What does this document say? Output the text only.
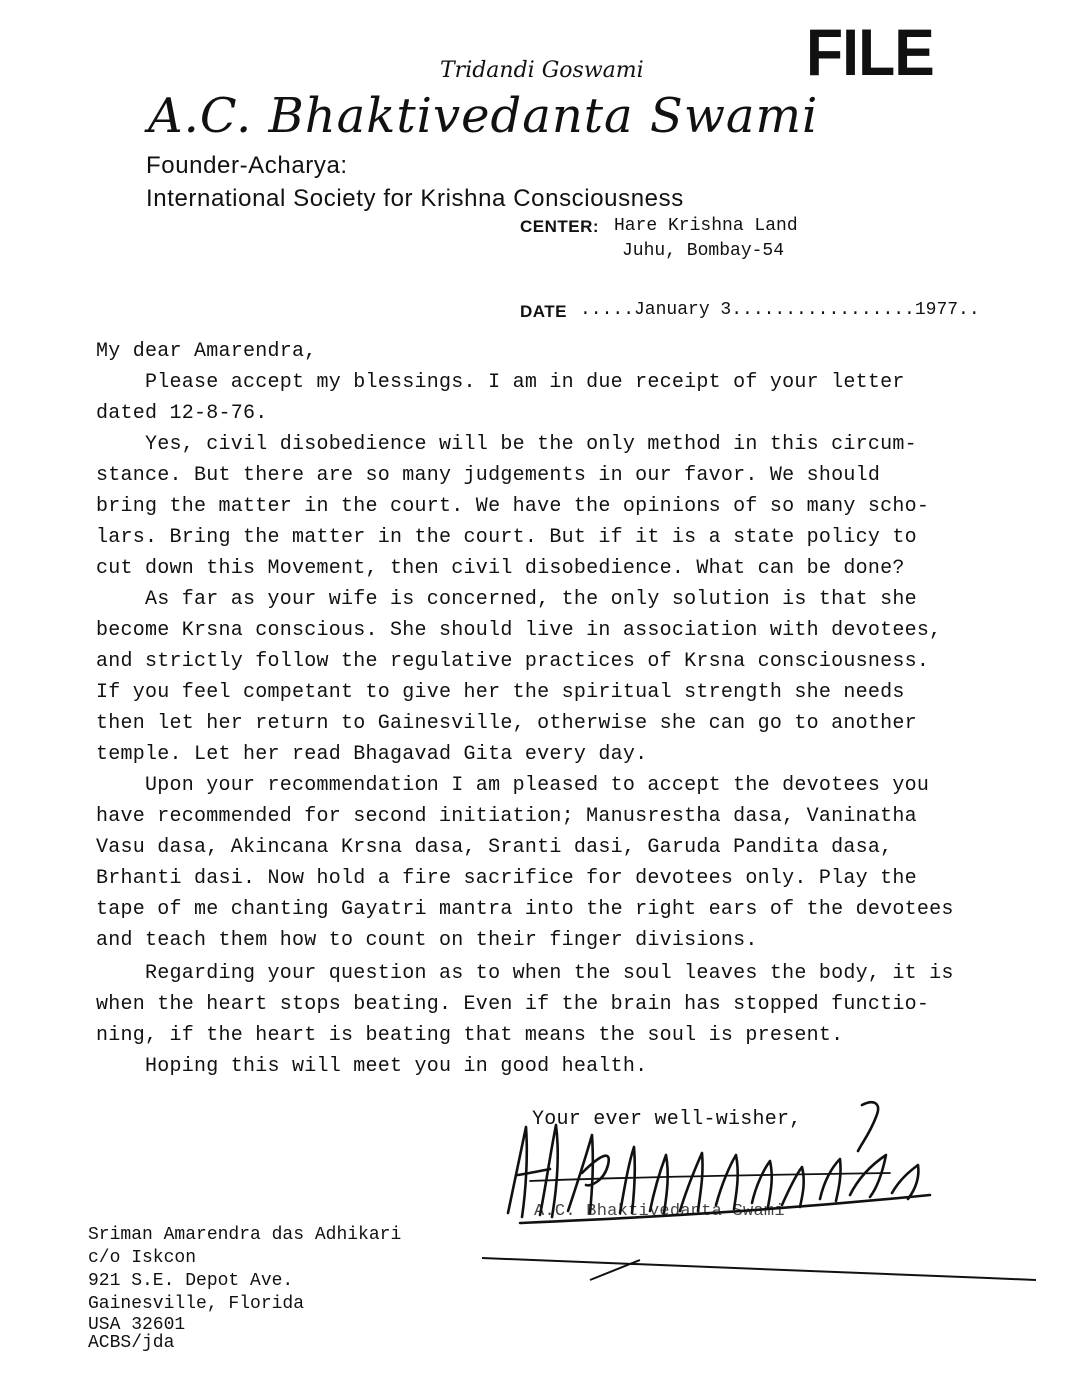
FILE
Tridandi Goswami
A.C. Bhaktivedanta Swami
Founder-Acharya:
International Society for Krishna Consciousness
CENTER: Hare Krishna Land
Juhu, Bombay-54
DATE .....January 3.................1977..
My dear Amarendra,
Please accept my blessings. I am in due receipt of your letter
dated 12-8-76.
Yes, civil disobedience will be the only method in this circum-
stance. But there are so many judgements in our favor. We should
bring the matter in the court. We have the opinions of so many scho-
lars. Bring the matter in the court. But if it is a state policy to
cut down this Movement, then civil disobedience. What can be done?
As far as your wife is concerned, the only solution is that she
become Krsna conscious. She should live in association with devotees,
and strictly follow the regulative practices of Krsna consciousness.
If you feel competant to give her the spiritual strength she needs
then let her return to Gainesville, otherwise she can go to another
temple. Let her read Bhagavad Gita every day.
Upon your recommendation I am pleased to accept the devotees you
have recommended for second initiation; Manusrestha dasa, Vaninatha
Vasu dasa, Akincana Krsna dasa, Sranti dasi, Garuda Pandita dasa,
Brhanti dasi. Now hold a fire sacrifice for devotees only. Play the
tape of me chanting Gayatri mantra into the right ears of the devotees
and teach them how to count on their finger divisions.
Regarding your question as to when the soul leaves the body, it is
when the heart stops beating. Even if the brain has stopped functio-
ning, if the heart is beating that means the soul is present.
Hoping this will meet you in good health.
Your ever well-wisher,
A.C. Bhaktivedanta Swami
Sriman Amarendra das Adhikari
c/o Iskcon
921 S.E. Depot Ave.
Gainesville, Florida
USA 32601
ACBS/jda
